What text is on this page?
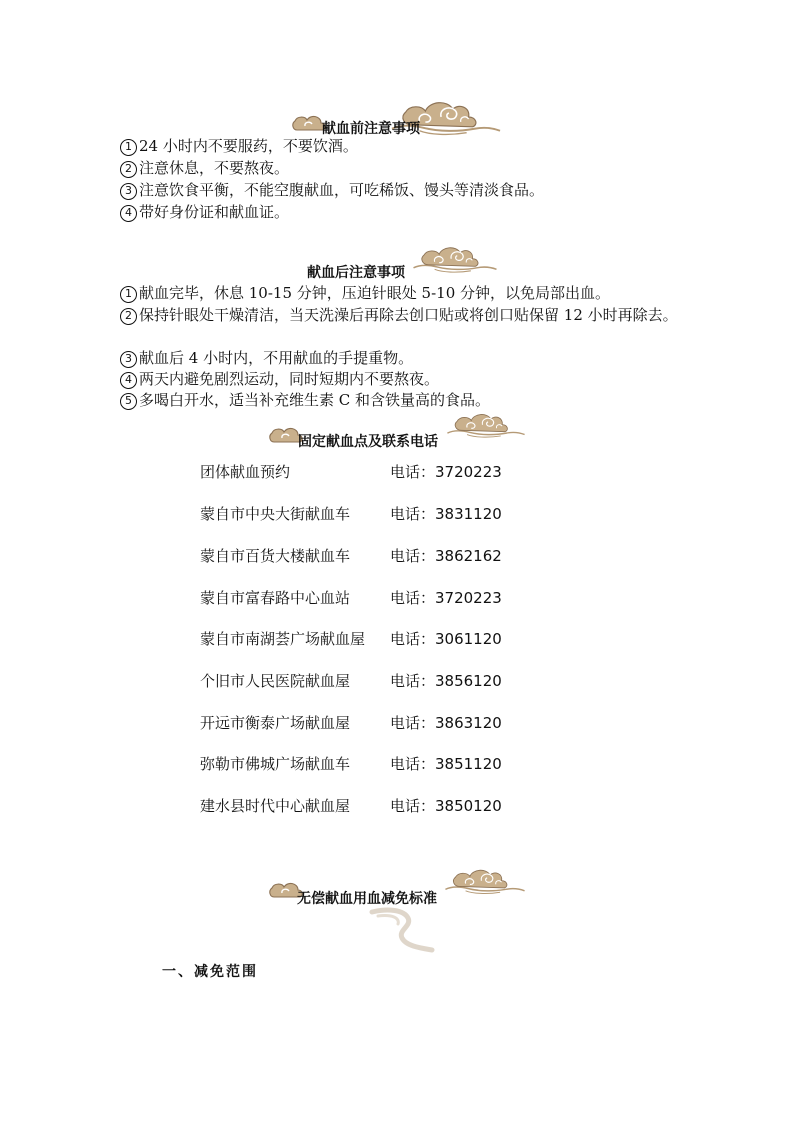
献血前注意事项
1 24 小时内不要服药，不要饮酒。
2 注意休息，不要熬夜。
3 注意饮食平衡，不能空腹献血，可吃稀饭、馒头等清淡食品。
4 带好身份证和献血证。
献血后注意事项
1 献血完毕，休息 10-15 分钟，压迫针眼处 5-10 分钟，以免局部出血。
2 保持针眼处干燥清洁，当天洗澡后再除去创口贴或将创口贴保留 12 小时再除去。
3 献血后 4 小时内，不用献血的手提重物。
4 两天内避免剧烈运动，同时短期内不要熬夜。
5 多喝白开水，适当补充维生素 C 和含铁量高的食品。
固定献血点及联系电话
团体献血预约	电话：3720223
蒙自市中央大街献血车	电话：3831120
蒙自市百货大楼献血车	电话：3862162
蒙自市富春路中心血站	电话：3720223
蒙自市南湖荟广场献血屋 电话：3061120
个旧市人民医院献血屋	电话：3856120
开远市衡泰广场献血屋	电话：3863120
弥勒市佛城广场献血车	电话：3851120
建水县时代中心献血屋	电话：3850120
无偿献血用血减免标准
一、减免范围
